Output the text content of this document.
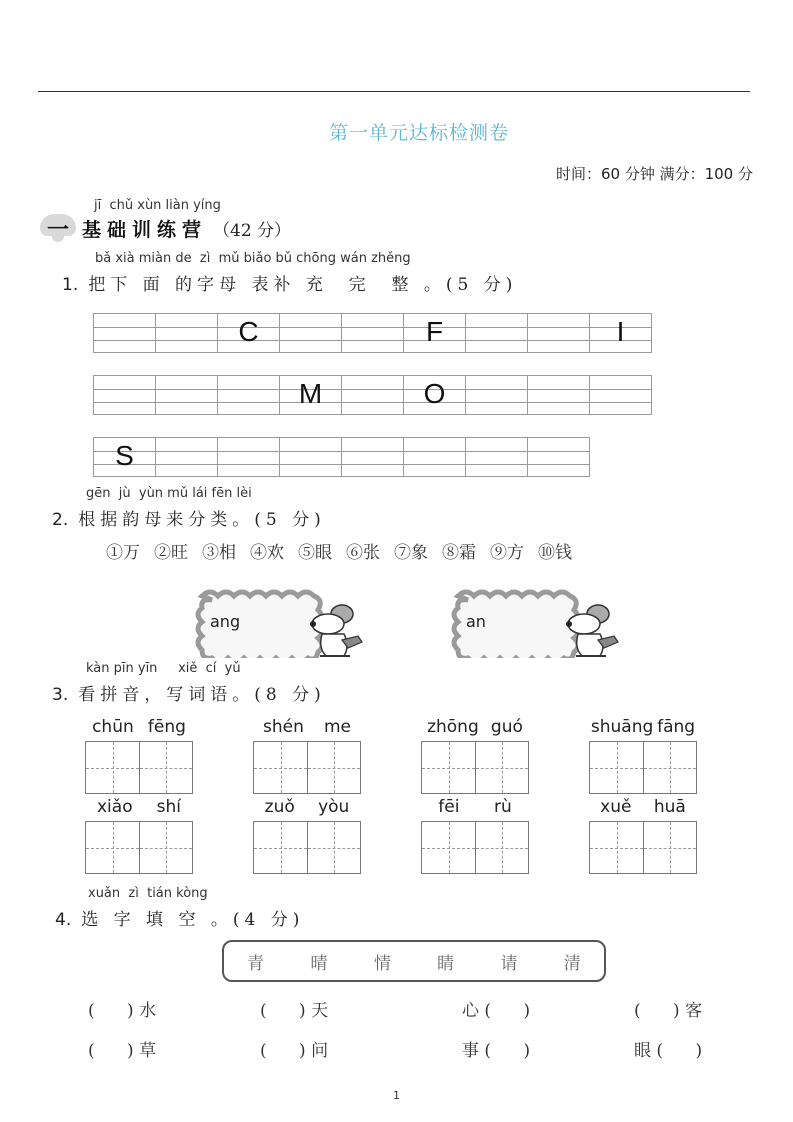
第一单元达标检测卷
时间：60 分钟 满分：100 分
jī  chǔ xùn liàn yíng
一 基础训练营 （42 分）
bǎ xià miàn de  zì  mǔ biǎo bǔ chōng wán zhěng
1. 把下 面 的字母 表补 充  完  整 。(5 分)
C	F	I
M	O
S
gēn  jù  yùn mǔ lái fēn lèi
2. 根据韵母来分类。(5 分)
①万 ②旺 ③相 ④欢 ⑤眼 ⑥张 ⑦象 ⑧霜 ⑨方 ⑩钱
ang	an
kàn pīn yīn     xiě  cí  yǔ
3. 看拼音，写词语。(8 分)
chūn fēng	shén me	zhōng guó	shuāng fāng
xiǎo shí	zuǒ yòu	fēi rù	xuě huā
xuǎn  zì  tián kòng
4. 选 字 填 空 。(4 分)
青	晴	情	睛	请	清
(      ) 水	(      ) 天	心 (      )	(      ) 客
(      ) 草	(      ) 问	事 (      )	眼 (      )
1
